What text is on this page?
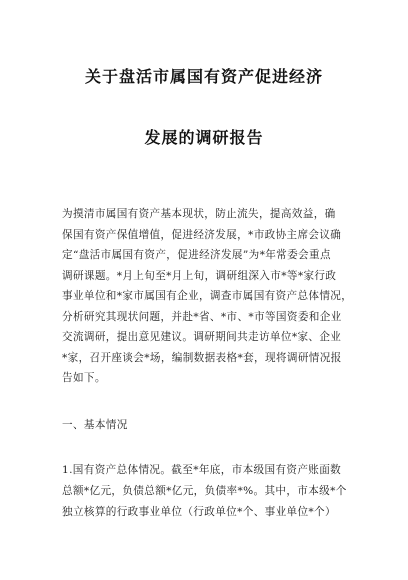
关于盘活市属国有资产促进经济
发展的调研报告
为摸清市属国有资产基本现状，防止流失，提高效益，确
保国有资产保值增值，促进经济发展，*市政协主席会议确
定“盘活市属国有资产，促进经济发展”为*年常委会重点
调研课题。*月上旬至*月上旬，调研组深入市*等*家行政
事业单位和*家市属国有企业，调查市属国有资产总体情况，
分析研究其现状问题，并赴*省、*市、*市等国资委和企业
交流调研，提出意见建议。调研期间共走访单位*家、企业
*家，召开座谈会*场，编制数据表格*套，现将调研情况报
告如下。
一、基本情况
1.国有资产总体情况。截至*年底，市本级国有资产账面数
总额*亿元，负债总额*亿元，负债率*%。其中，市本级*个
独立核算的行政事业单位（行政单位*个、事业单位*个）
